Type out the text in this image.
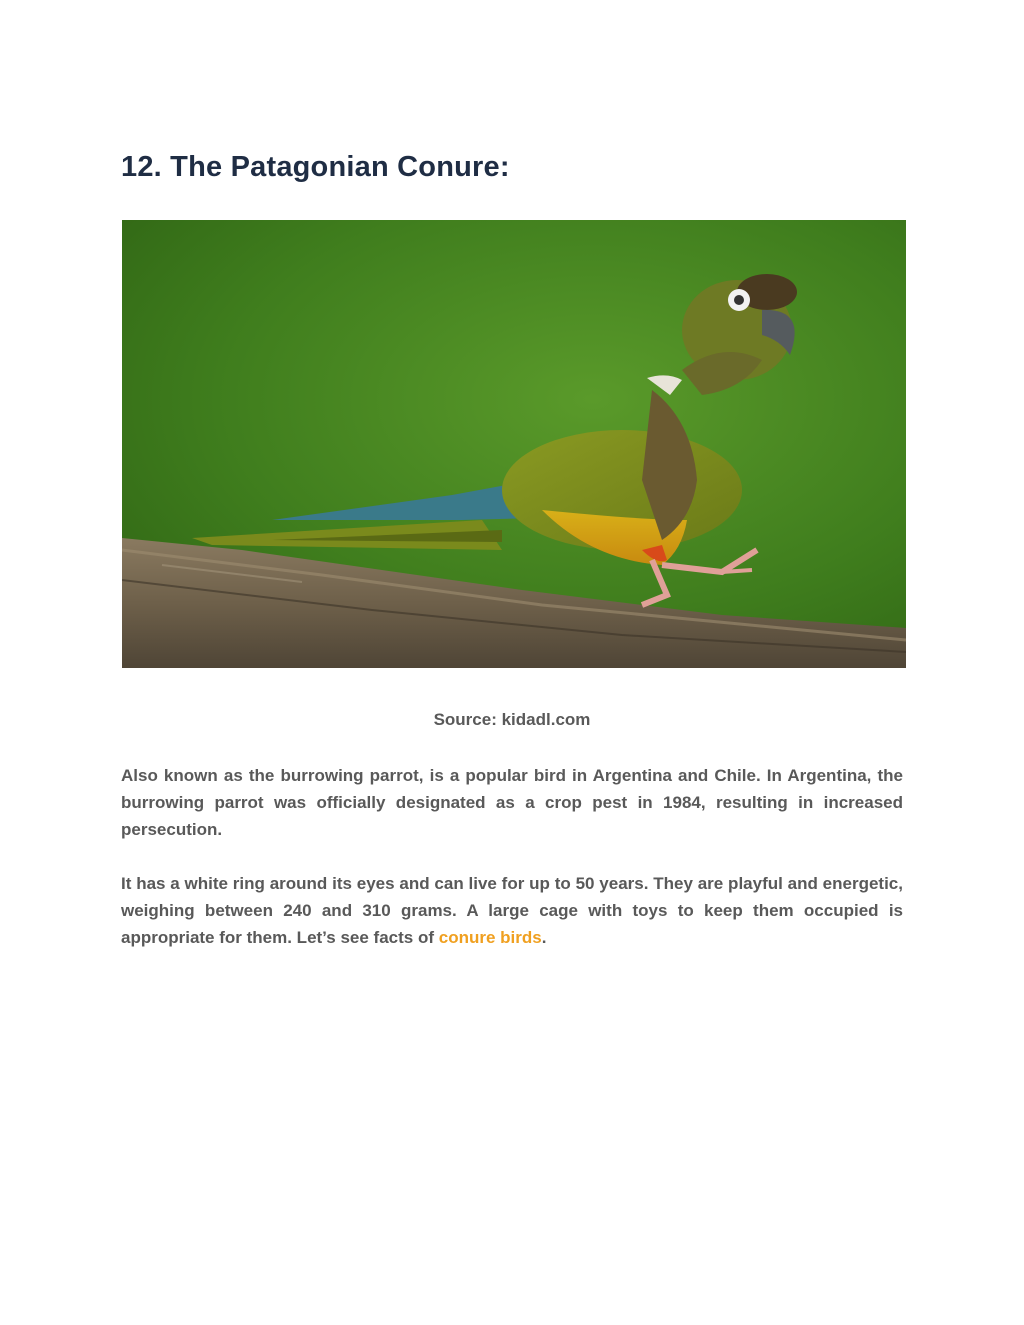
12. The Patagonian Conure:
Source: kidadl.com

Also known as the burrowing parrot, is a popular bird in Argentina and Chile. In Argentina, the burrowing parrot was officially designated as a crop pest in 1984, resulting in increased persecution.

It has a white ring around its eyes and can live for up to 50 years. They are playful and energetic, weighing between 240 and 310 grams. A large cage with toys to keep them occupied is appropriate for them. Let’s see facts of conure birds.
